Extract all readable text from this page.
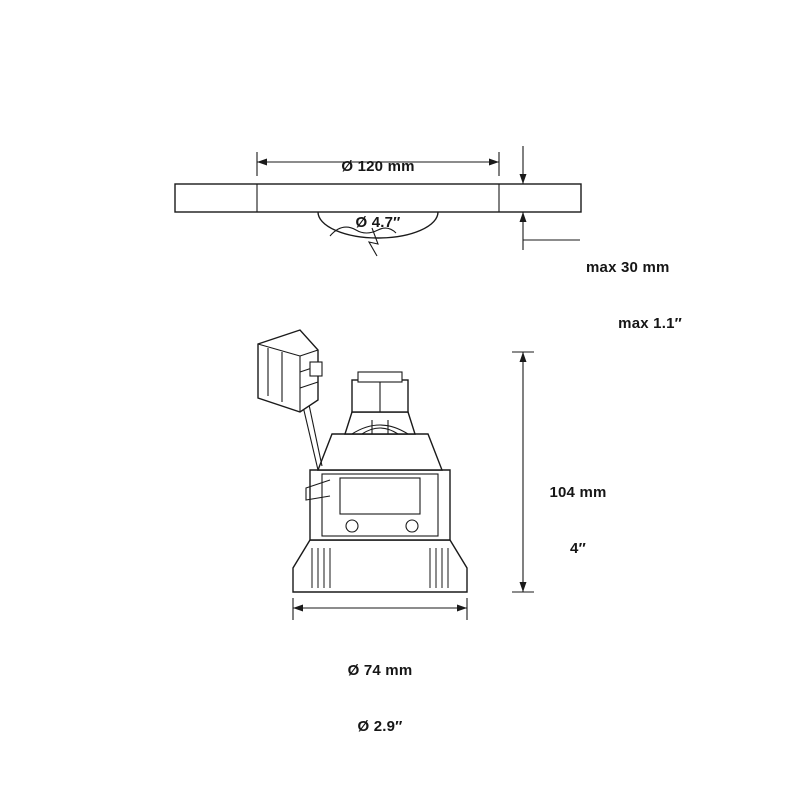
Ø 120 mm

Ø 4.7″

max 30 mm

max 1.1″

104 mm

4″

Ø 74 mm

Ø 2.9″
